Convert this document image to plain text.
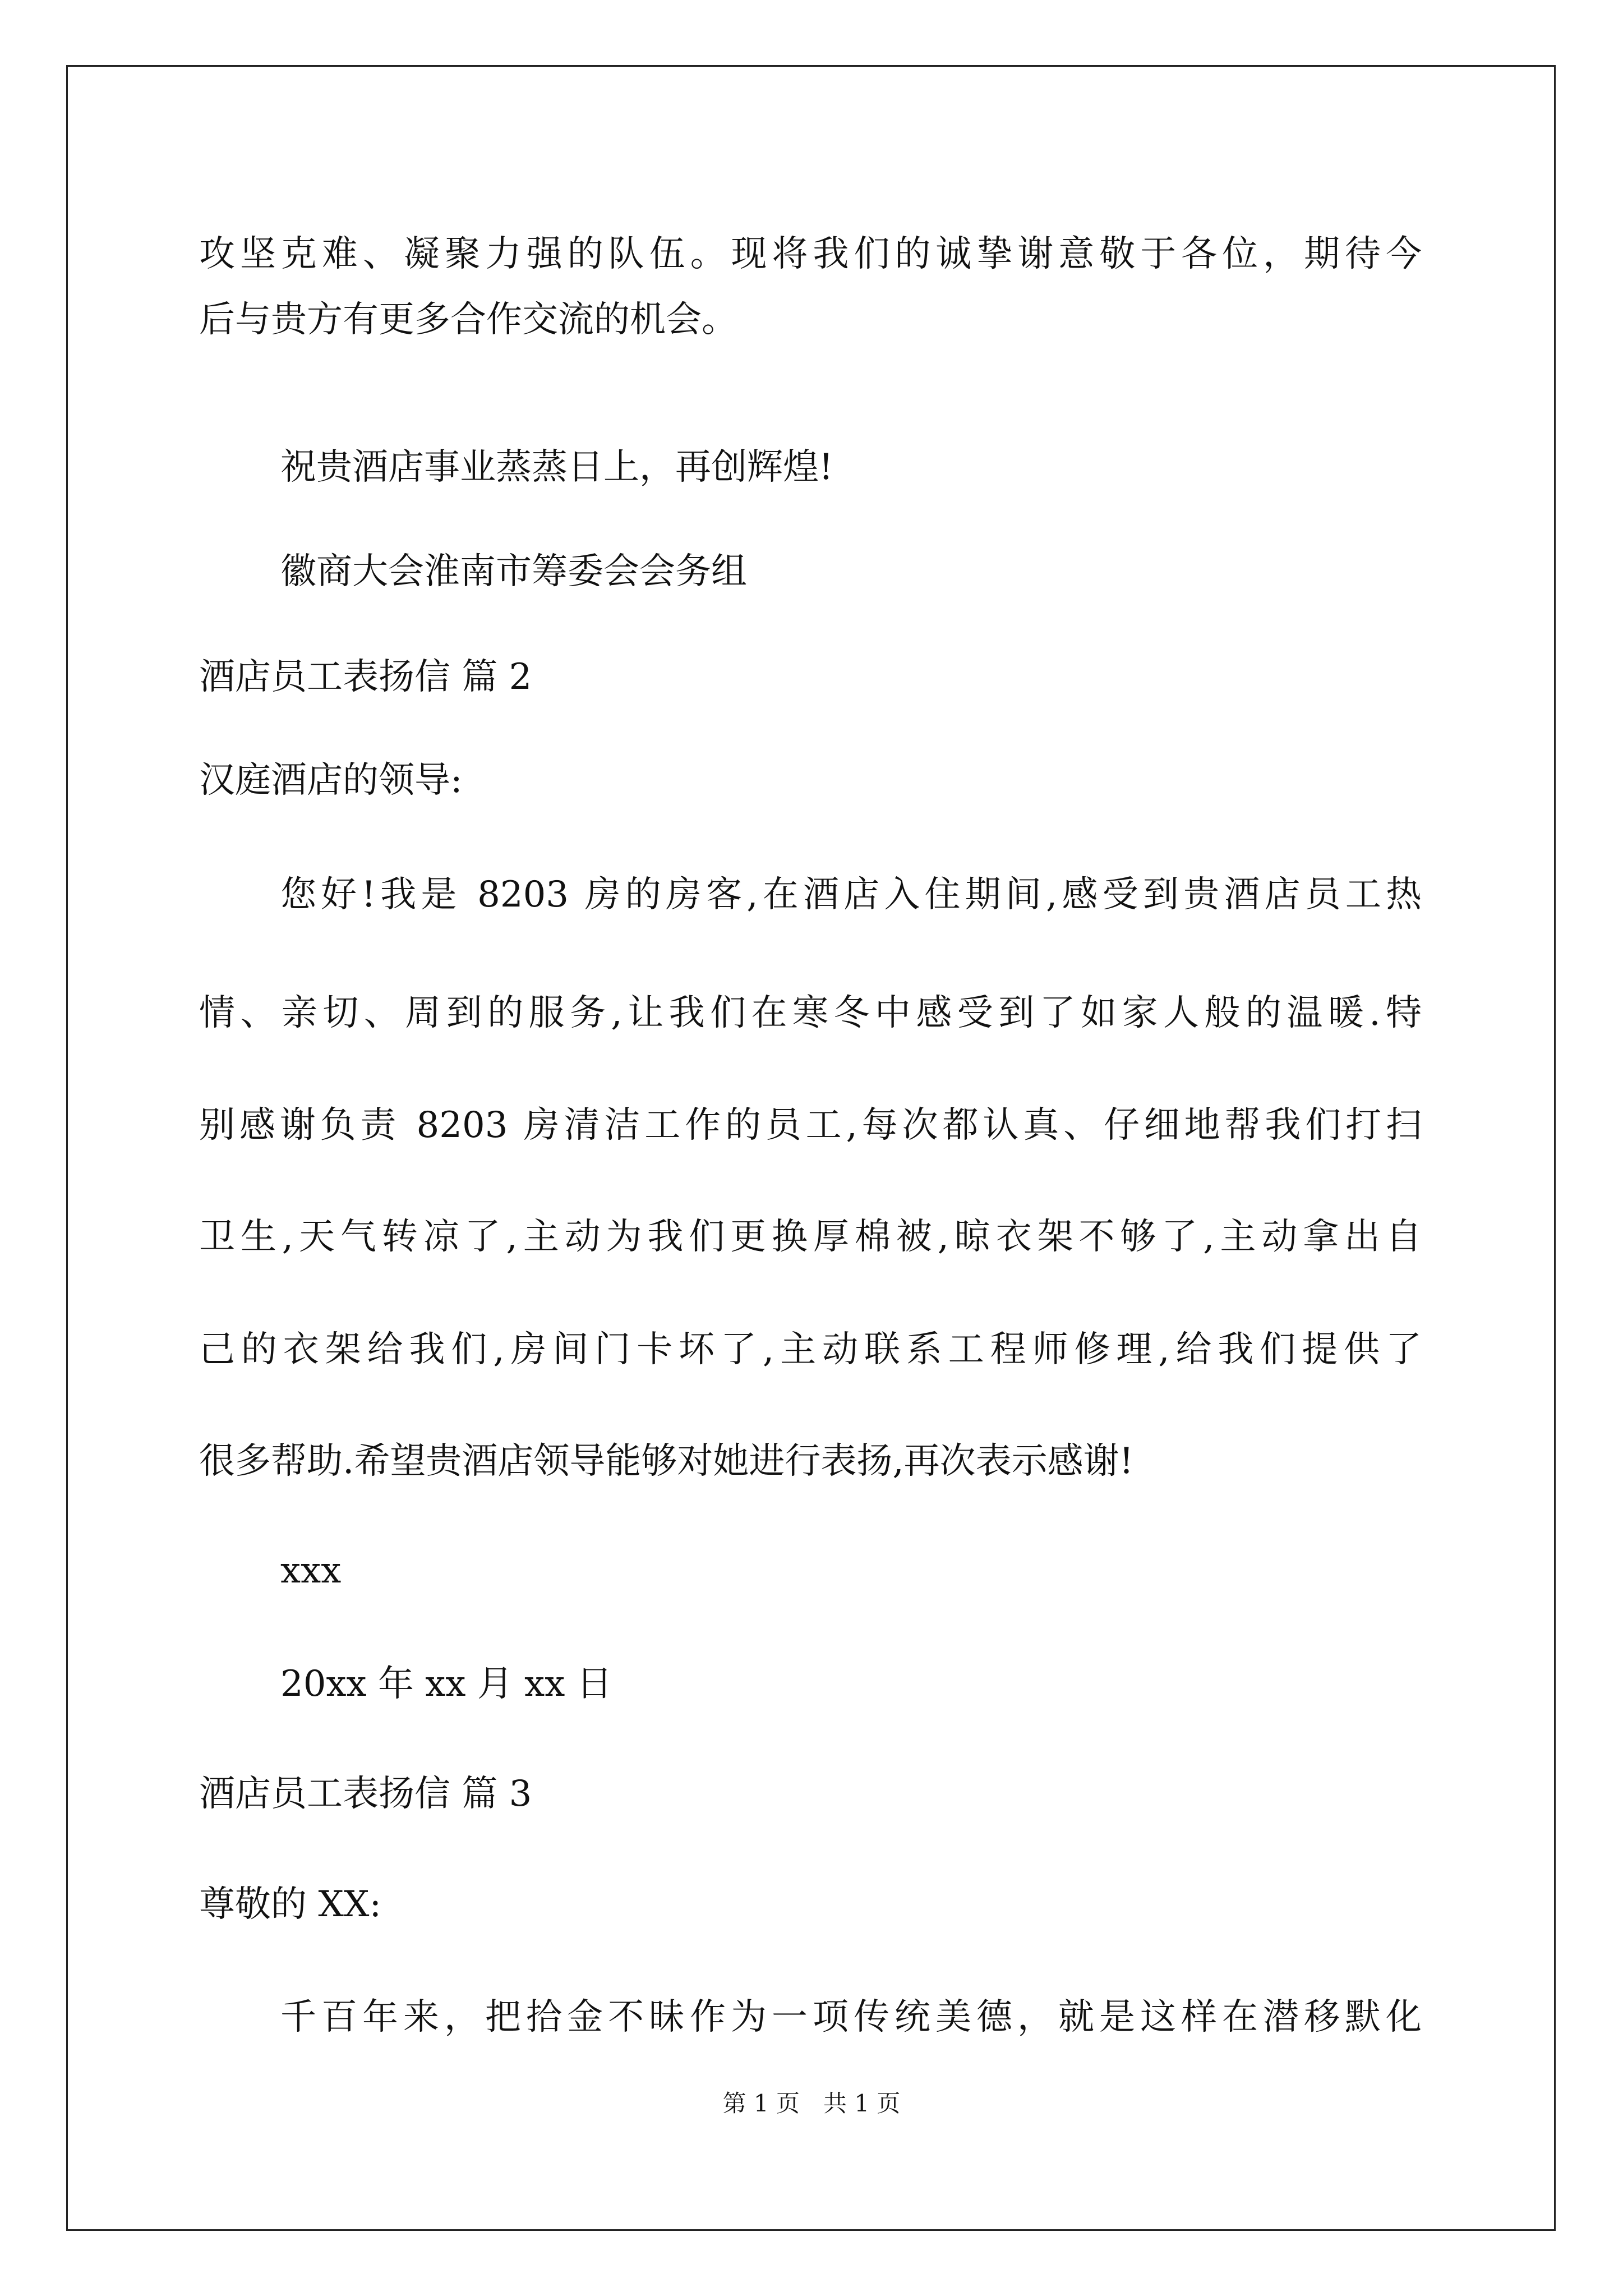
攻坚克难、凝聚力强的队伍。现将我们的诚挚谢意敬于各位，期待今
后与贵方有更多合作交流的机会。
祝贵酒店事业蒸蒸日上，再创辉煌!
徽商大会淮南市筹委会会务组
酒店员工表扬信 篇 2
汉庭酒店的领导:
您好!我是 8203 房的房客,在酒店入住期间,感受到贵酒店员工热
情、亲切、周到的服务,让我们在寒冬中感受到了如家人般的温暖.特
别感谢负责 8203 房清洁工作的员工,每次都认真、仔细地帮我们打扫
卫生,天气转凉了,主动为我们更换厚棉被,晾衣架不够了,主动拿出自
己的衣架给我们,房间门卡坏了,主动联系工程师修理,给我们提供了
很多帮助.希望贵酒店领导能够对她进行表扬,再次表示感谢!
xxx
20xx 年 xx 月 xx 日
酒店员工表扬信 篇 3
尊敬的 XX:
千百年来，把拾金不昧作为一项传统美德，就是这样在潜移默化
第 1 页　共 1 页
